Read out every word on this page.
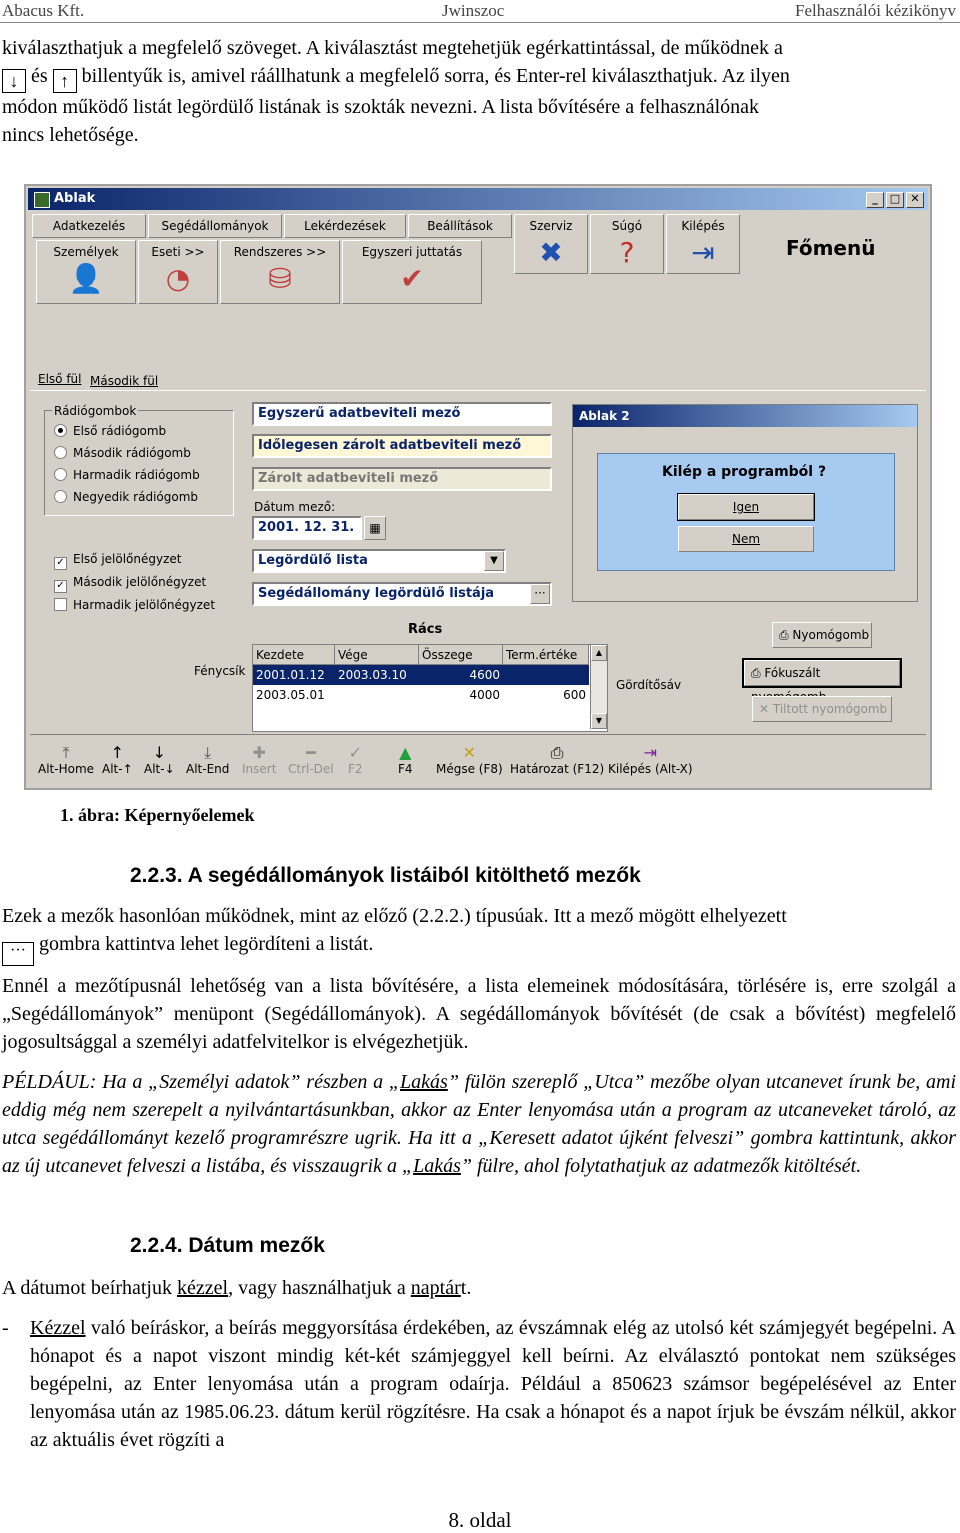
Abacus Kft.	Jwinszoc	Felhasználói kézikönyv
kiválaszthatjuk a megfelelő szöveget. A kiválasztást megtehetjük egérkattintással, de működnek a
↓ és ↑ billentyűk is, amivel ráállhatunk a megfelelő sorra, és Enter-rel kiválaszthatjuk. Az ilyen
módon működő listát legördülő listának is szokták nevezni. A lista bővítésére a felhasználónak
nincs lehetősége.
Ablak	_ □ ✕
Adatkezelés	Segédállományok	Lekérdezések	Beállítások	Szerviz
✖
Súgó
?
Kilépés
⇥	Főmenü
Személyek
👤
Eseti >>
◔
Rendszeres >>
⛁
Egyszeri juttatás
✔
Első fül Második fül
Rádiógombok
Első rádiógomb
Második rádiógomb
Harmadik rádiógomb
Negyedik rádiógomb
✓ Első jelölőnégyzet
✓ Második jelölőnégyzet
Harmadik jelölőnégyzet
Egyszerű adatbeviteli mező
Időlegesen zárolt adatbeviteli mező
Zárolt adatbeviteli mező
Dátum mező:
2001. 12. 31.	▦
Legördülő lista	▼
Segédállomány legördülő listája	···
Rács
Fénycsík
Kezdete	Vége	Összege	Term.értéke
2001.01.12	2003.03.10	4600
2003.05.01	4000	600
▲
▼
Gördítősáv
Ablak 2
Kilép a programból ?
Igen
Nem
⎙ Nyomógomb
⎙ Fókuszált
✕ Tiltott nyomógomb
⤒
Alt-Home
↑
Alt-↑
↓
Alt-↓
⤓
Alt-End
✚
Insert
━
Ctrl-Del
✓
F2
▲
F4
✕
Mégse (F8)
⎙
Határozat (F12)
⇥
Kilépés (Alt-X)
1. ábra: Képernyőelemek
2.2.3. A segédállományok listáiból kitölthető mezők
Ezek a mezők hasonlóan működnek, mint az előző (2.2.2.) típusúak. Itt a mező mögött elhelyezett
··· gombra kattintva lehet legördíteni a listát.
Ennél a mezőtípusnál lehetőség van a lista bővítésére, a lista elemeinek módosítására, törlésére is, erre szolgál a „Segédállományok” menüpont (Segédállományok). A segédállományok bővítését (de csak a bővítést) megfelelő jogosultsággal a személyi adatfelvitelkor is elvégezhetjük.
PÉLDÁUL: Ha a „Személyi adatok” részben a „Lakás” fülön szereplő „Utca” mezőbe olyan utcanevet írunk be, ami eddig még nem szerepelt a nyilvántartásunkban, akkor az Enter lenyomása után a program az utcaneveket tároló, az utca segédállományt kezelő programrészre ugrik. Ha itt a „Keresett adatot újként felveszi” gombra kattintunk, akkor az új utcanevet felveszi a listába, és visszaugrik a „Lakás” fülre, ahol folytathatjuk az adatmezők kitöltését.
2.2.4. Dátum mezők
A dátumot beírhatjuk kézzel, vagy használhatjuk a naptárt.
- Kézzel való beíráskor, a beírás meggyorsítása érdekében, az évszámnak elég az utolsó két számjegyét begépelni. A hónapot és a napot viszont mindig két-két számjeggyel kell beírni. Az elválasztó pontokat nem szükséges begépelni, az Enter lenyomása után a program odaírja. Például a 850623 számsor begépelésével az Enter lenyomása után az 1985.06.23. dátum kerül rögzítésre. Ha csak a hónapot és a napot írjuk be évszám nélkül, akkor az aktuális évet rögzíti a
8. oldal
